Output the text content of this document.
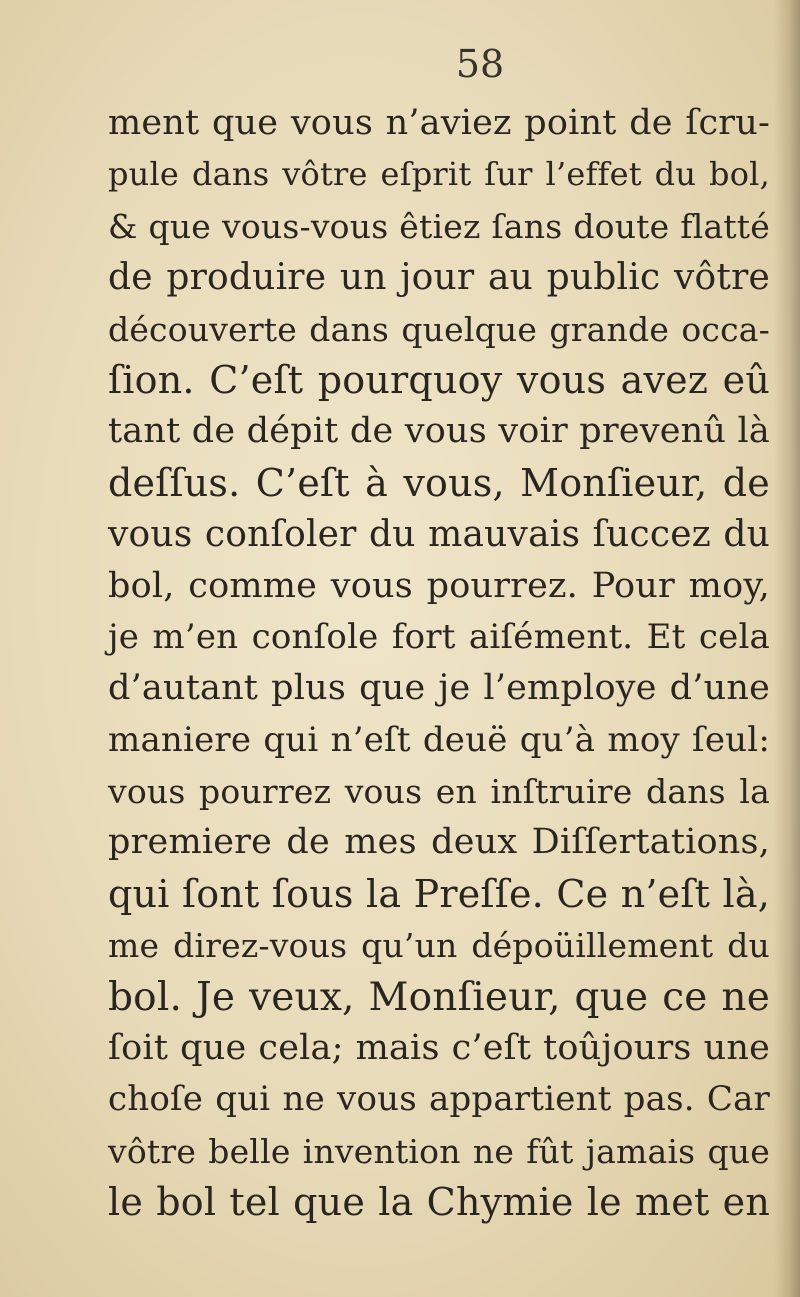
58
ment que vous n’aviez point de ſcru-
pule dans vôtre eſprit ſur l’effet du bol,
& que vous-vous êtiez ſans doute flatté
de produire un jour au public vôtre
découverte dans quelque grande occa-
ſion. C’eſt pourquoy vous avez eû
tant de dépit de vous voir prevenû là
deſſus. C’eſt à vous, Monſieur, de
vous conſoler du mauvais ſuccez du
bol, comme vous pourrez. Pour moy,
je m’en conſole fort aiſément. Et cela
d’autant plus que je l’employe d’une
maniere qui n’eſt deuë qu’à moy ſeul:
vous pourrez vous en inſtruire dans la
premiere de mes deux Diſſertations,
qui ſont ſous la Preſſe. Ce n’eſt là,
me direz-vous qu’un dépoüillement du
bol. Je veux, Monſieur, que ce ne
ſoit que cela; mais c’eſt toûjours une
choſe qui ne vous appartient pas. Car
vôtre belle invention ne fût jamais que
le bol tel que la Chymie le met en
